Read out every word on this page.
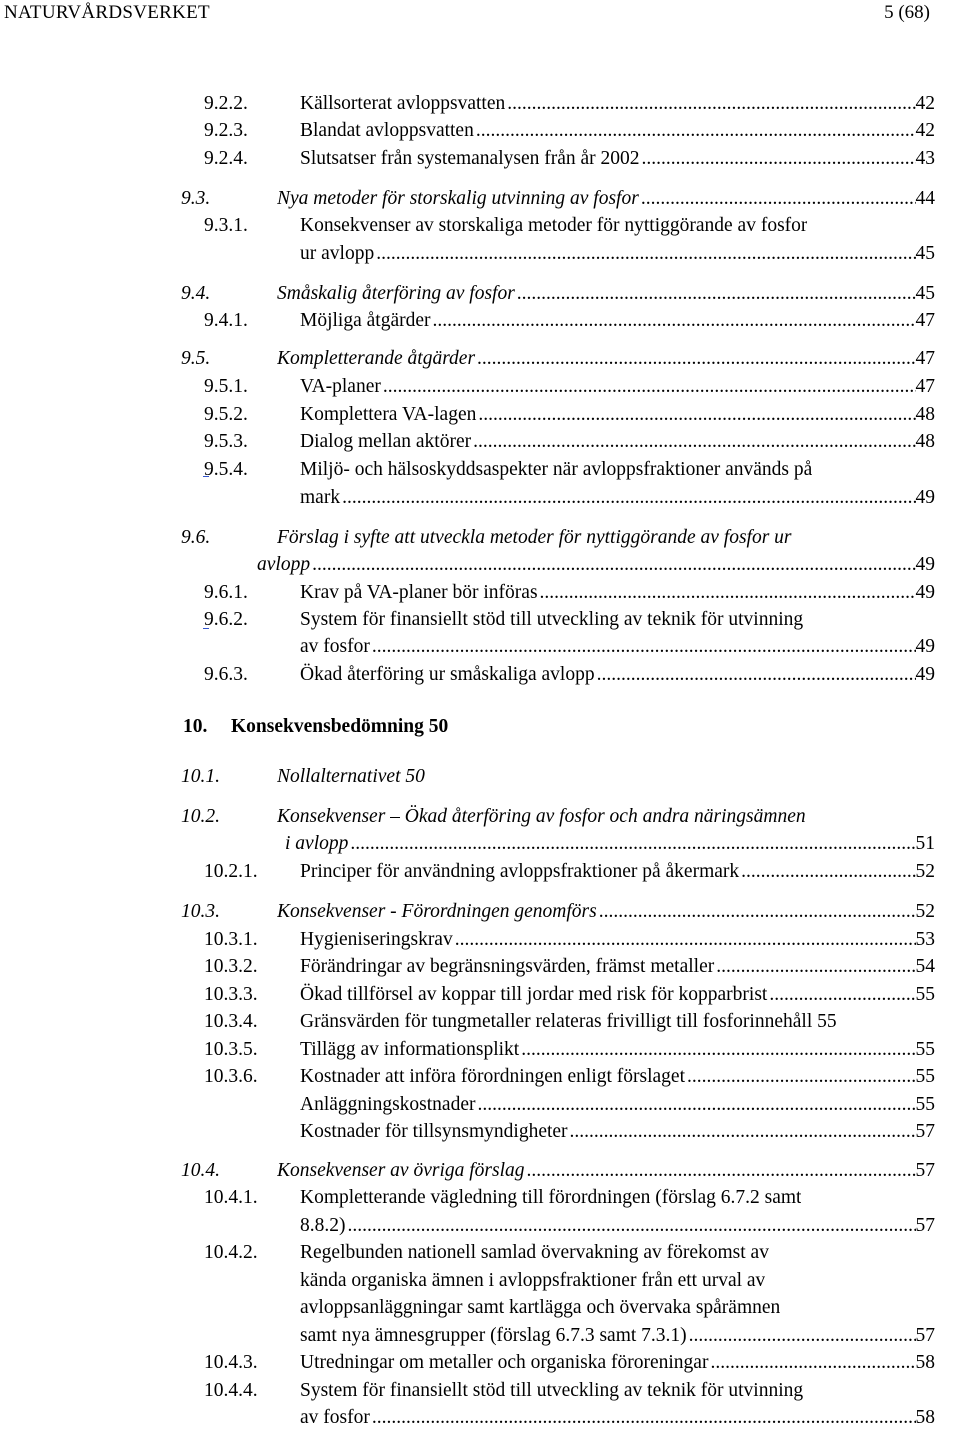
NATURVÅRDSVERKET	5 (68)
9.2.2.	Källsorterat avloppsvatten .....	42
9.2.3.	Blandat avloppsvatten .....	42
9.2.4.	Slutsatser från systemanalysen från år 2002 .....	43
9.3.	Nya metoder för storskalig utvinning av fosfor .....	44
9.3.1.	Konsekvenser av storskaliga metoder för nyttiggörande av fosfor
ur avlopp .....	45
9.4.	Småskalig återföring av fosfor .....	45
9.4.1.	Möjliga åtgärder .....	47
9.5.	Kompletterande åtgärder .....	47
9.5.1.	VA-planer .....	47
9.5.2.	Komplettera VA-lagen .....	48
9.5.3.	Dialog mellan aktörer .....	48
9.5.4.	Miljö- och hälsoskyddsaspekter när avloppsfraktioner används på
mark .....	49
9.6.	Förslag i syfte att utveckla metoder för nyttiggörande av fosfor ur
avlopp .....	49
9.6.1.	Krav på VA-planer bör införas .....	49
9.6.2.	System för finansiellt stöd till utveckling av teknik för utvinning
av fosfor .....	49
9.6.3.	Ökad återföring ur småskaliga avlopp .....	49
10. Konsekvensbedömning 50
10.1.	Nollalternativet 50
10.2.	Konsekvenser – Ökad återföring av fosfor och andra näringsämnen
i avlopp .....	51
10.2.1. Principer för användning avloppsfraktioner på åkermark .....	52
10.3.	Konsekvenser - Förordningen genomförs .....	52
10.3.1. Hygieniseringskrav .....	53
10.3.2. Förändringar av begränsningsvärden, främst metaller .....	54
10.3.3. Ökad tillförsel av koppar till jordar med risk för kopparbrist .....	55
10.3.4. Gränsvärden för tungmetaller relateras frivilligt till fosforinnehåll 55
10.3.5. Tillägg av informationsplikt .....	55
10.3.6. Kostnader att införa förordningen enligt förslaget .....	55
Anläggningskostnader .....	55
Kostnader för tillsynsmyndigheter .....	57
10.4.	Konsekvenser av övriga förslag .....	57
10.4.1. Kompletterande vägledning till förordningen (förslag 6.7.2 samt
8.8.2) .....	57
10.4.2. Regelbunden nationell samlad övervakning av förekomst av
kända organiska ämnen i avloppsfraktioner från ett urval av
avloppsanläggningar samt kartlägga och övervaka spårämnen
samt nya ämnesgrupper (förslag 6.7.3 samt 7.3.1) .....	57
10.4.3. Utredningar om metaller och organiska föroreningar .....	58
10.4.4. System för finansiellt stöd till utveckling av teknik för utvinning
av fosfor .....	58
